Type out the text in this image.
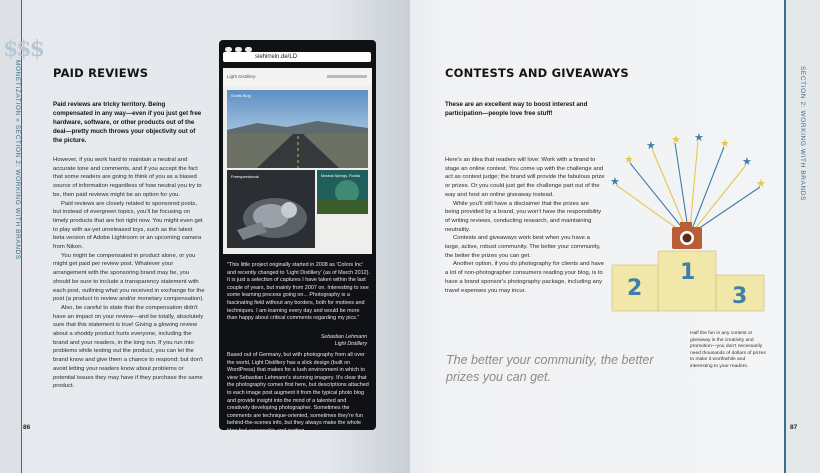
$$$
MONETIZATION » SECTION 2: WORKING WITH BRANDS	PAID REVIEWS
Paid reviews are tricky territory. Being compensated in any way—even if you just get free hardware, software, or other products out of the deal—pretty much throws your objectivity out of the picture.

However, if you work hard to maintain a neutral and accurate tone and comments, and if you accept the fact that some readers are going to think of you as a biased source of information regardless of how neutral you try to be, then paid reviews might be an option for you.

Paid reviews are closely related to sponsored posts, but instead of evergreen topics, you'll be focusing on timely products that are hot right now. You might even get to play with as-yet unreleased toys, such as the latest beta version of Adobe Lightroom or an upcoming camera from Nikon.

You might be compensated in product alone, or you might get paid per review post. Whatever your arrangement with the sponsoring brand may be, you should be sure to include a transparency statement with each post, outlining what you received in exchange for the post (a product to review and/or monetary compensation).

Also, be careful to state that the compensation didn't have an impact on your review—and be totally, absolutely sure that this statement is true! Giving a glowing review about a shoddy product hurts everyone, including the brand and your readers, in the long run. If you run into problems while testing out the product, you can let the brand know and give them a chance to respond; but don't avoid letting your readers know about problems or potential issues they may have if they purchase the same product.

86
siehirrein.de/LD
Light Distillery
Gratis Blog
Freespeedneuk	Moravia Springs, Florida
"This little project originally started in 2008 as 'Colors Inc' and recently changed to 'Light Distillery' (as of March 2012). It is just a selection of captures I have taken within the last couple of years, but mainly from 2007 on. Interesting to see some learning process going on... Photography is a fascinating field without any borders, both for motives and techniques. I am learning every day and would be more than happy about critical comments regarding my pics."
Sebastian Lehmann
Light Distillery
Based out of Germany, but with photography from all over the world, Light Distillery has a slick design (built on WordPress) that makes for a lush environment in which to view Sebastian Lehmann's stunning imagery. It's clear that the photography comes first here, but descriptions attached to each image post augment it from the typical photo blog and provide insight into the mind of a talented and creatively developing photographer. Sometimes the comments are technique-oriented, sometimes they're fun behind-the-scenes info, but they always make the whole blog feel personable and inviting.
SECTION 2: WORKING WITH BRANDS
CONTESTS AND GIVEAWAYS
These are an excellent way to boost interest and participation—people love free stuff!

Here's an idea that readers will love: Work with a brand to stage an online contest. You come up with the challenge and act as contest judge; the brand will provide the fabulous prize or prizes. Or you could just get the challenge part out of the way and host an online giveaway instead.

While you'll still have a disclaimer that the prizes are being provided by a brand, you won't have the responsibility of writing reviews, conducting research, and maintaining neutrality.

Contests and giveaways work best when you have a large, active, robust community. The better your community, the better the prizes you can get.

Another option, if you do photography for clients and have a lot of non-photographer consumers reading your blog, is to have a brand sponsor's photography package, including any travel expenses you may incur.

87
The better your community, the better prizes you can get.
★
★ ★ ★ ★
★
★
★
1
2	3
Half the fun in any contest or giveaway is the creativity and promotion—you don't necessarily need thousands of dollars of prizes to make it worthwhile and interesting to your readers.
